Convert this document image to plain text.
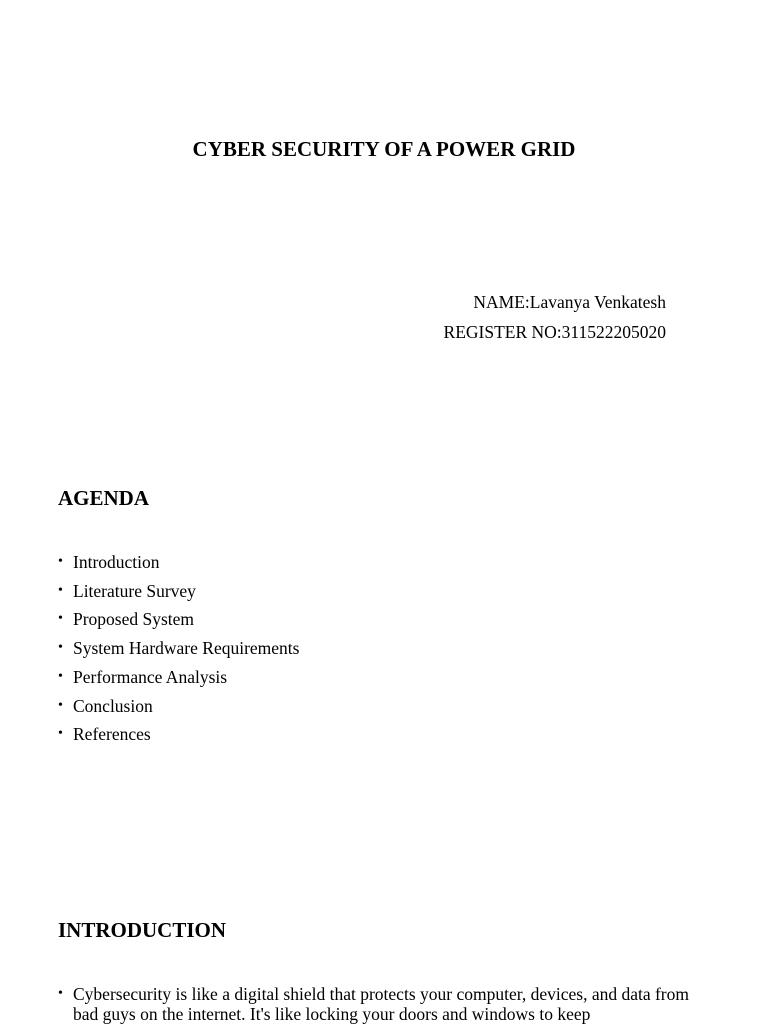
CYBER SECURITY OF A POWER GRID
NAME:Lavanya Venkatesh
REGISTER NO:311522205020
AGENDA
• Introduction
• Literature Survey
• Proposed System
• System Hardware Requirements
• Performance Analysis
• Conclusion
• References
INTRODUCTION
• Cybersecurity is like a digital shield that protects your computer, devices, and data from bad guys on the internet. It's like locking your doors and windows to keep
